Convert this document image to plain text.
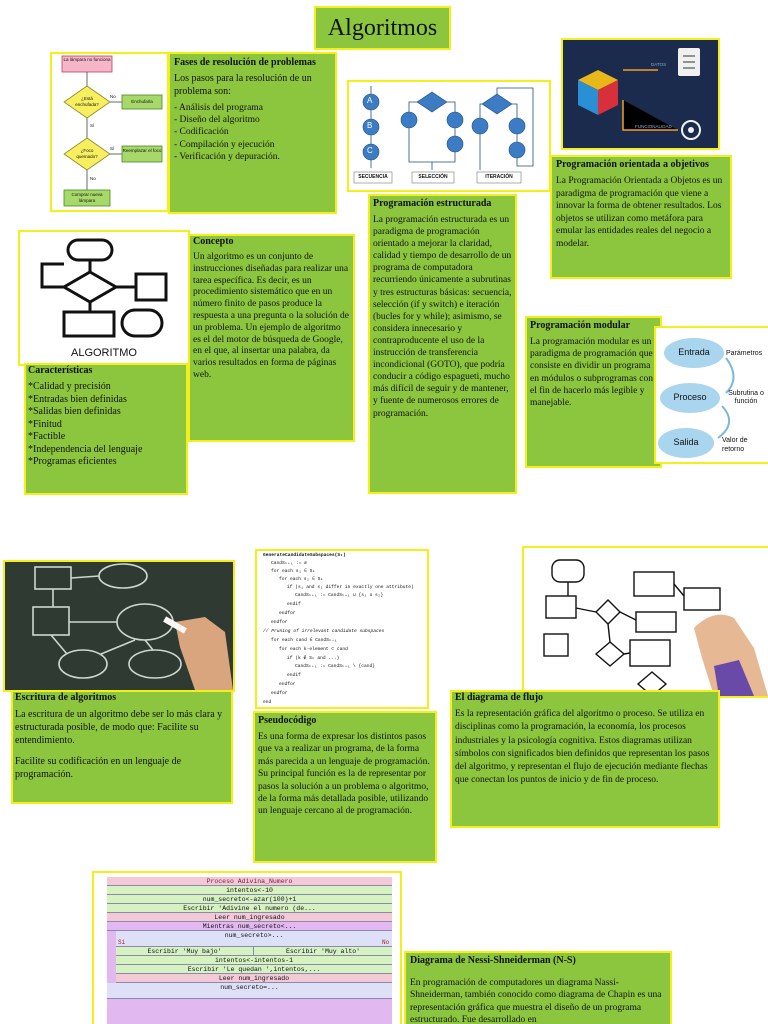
Algoritmos
La lámpara no funciona
¿Está enchufada?
No
Enchufarla
Sí
¿Foco quemado?
Sí Reemplazar el foco
No
Comprar nueva lámpara
Fases de resolución de problemas

Los pasos para la resolución de un problema son:

- Análisis del programa
- Diseño del algoritmo
- Codificación
- Compilación y ejecución
- Verificación y depuración.
A
B
C
SECUENCIA	SELECCIÓN	ITERACIÓN
Programación estructurada

La programación estructurada es un paradigma de programación orientado a mejorar la claridad, calidad y tiempo de desarrollo de un programa de computadora recurriendo únicamente a subrutinas y tres estructuras básicas: secuencia, selección (if y switch) e iteración (bucles for y while); asimismo, se considera innecesario y contraproducente el uso de la instrucción de transferencia incondicional (GOTO), que podría conducir a código espagueti, mucho más difícil de seguir y de mantener, y fuente de numerosos errores de programación.

DATOS
FUNCIONALIDAD
Programación orientada a objetivos

La Programación Orientada a Objetos es un paradigma de programación que viene a innovar la forma de obtener resultados. Los objetos se utilizan como metáfora para emular las entidades reales del negocio a modelar.

ALGORITMO
Concepto

Un algoritmo es un conjunto de instrucciones diseñadas para realizar una tarea específica. Es decir, es un procedimiento sistemático que en un número finito de pasos produce la respuesta a una pregunta o la solución de un problema. Un ejemplo de algoritmo es el del motor de búsqueda de Google, en el que, al insertar una palabra, da varios resultados en forma de páginas web.

Características
*Calidad y precisión
*Entradas bien definidas
*Salidas bien definidas
*Finitud
*Factible
*Independencia del lenguaje
*Programas eficientes
Programación modular

La programación modular es un paradigma de programación que consiste en dividir un programa en módulos o subprogramas con el fin de hacerlo más legible y manejable.

Entrada
Proceso
Salida
Parámetros
Subrutina o función
Valor de retorno
Escritura de algoritmos

La escritura de un algoritmo debe ser lo más clara y estructurada posible, de modo que: Facilite su entendimiento.

Facilite su codificación en un lenguaje de programación.

GenerateCandidateSubspaces(Sₖ)
CandSₖ₊₁ := ∅
for each s₁ ∈ Sₖ
for each s₂ ∈ Sₖ
if (s₁ and s₂ differ in exactly one attribute)
CandSₖ₊₁ := CandSₖ₊₁ ∪ {s₁ ∪ s₂}
endif
endfor
endfor
// Pruning of irrelevant candidate subspaces
for each cand ∈ CandSₖ₊₁
for each k-element ⊂ cand
if (k ∉ Sₖ and ...)
CandSₖ₊₁ := CandSₖ₊₁ \ {cand}
endif
endfor
endfor
end
Pseudocódigo

Es una forma de expresar los distintos pasos que va a realizar un programa, de la forma más parecida a un lenguaje de programación. Su principal función es la de representar por pasos la solución a un problema o algoritmo, de la forma más detallada posible, utilizando un lenguaje cercano al de programación.

El diagrama de flujo

Es la representación gráfica del algoritmo o proceso. Se utiliza en disciplinas como la programación, la economía, los procesos industriales y la psicología cognitiva. Estos diagramas utilizan símbolos con significados bien definidos que representan los pasos del algoritmo, y representan el flujo de ejecución mediante flechas que conectan los puntos de inicio y de fin de proceso.

Proceso Adivina_Numero
intentos<-10
num_secreto<-azar(100)+1
Escribir 'Adivine el numero (de...
Leer num_ingresado
Mientras num_secreto<...
num_secreto>...
Si	No
Escribir 'Muy bajo'	Escribir 'Muy alto'
intentos<-intentos-1
Escribir 'Le quedan ',intentos,...
Leer num_ingresado
num_secreto=...
Diagrama de Nessi-Shneiderman (N-S)

En programación de computadores un diagrama Nassi-Shneiderman, también conocido como diagrama de Chapin es una representación gráfica que muestra el diseño de un programa estructurado. Fue desarrollado en
